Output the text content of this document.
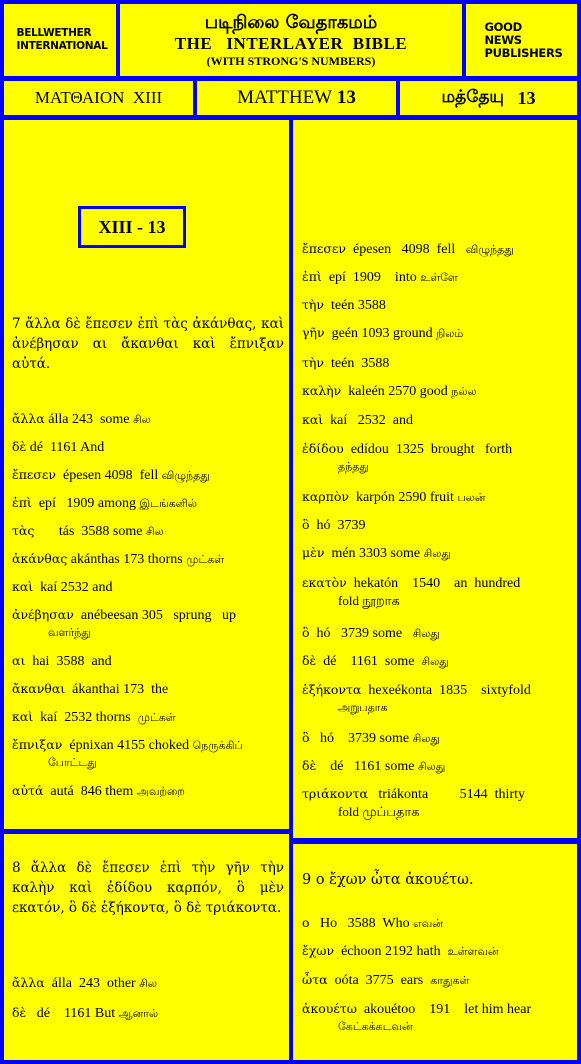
BELLWETHER
INTERNATIONAL
படிநிலை வேதாகமம்
THE   INTERLAYER  BIBLE
(WITH STRONG'S NUMBERS)
GOOD NEWS
PUBLISHERS
ΜΑΤΘΑΙΟΝ  XIII	MATTHEW
13	மத்தேயு
13
XIII - 13
7 ἄλλα δὲ ἔπεσεν ἐπὶ τὰς ἀκάνθας, καὶ ἀνέβησαν αι ἄκανθαι καὶ ἔπνιξαν αὐτά.
ἄλλα álla 243  some சில
δὲ dé  1161 And
ἔπεσεν  épesen 4098  fell விழுந்தது
ἐπὶ  epí   1909 among இடங்களில்
τὰς       tás  3588 some சில
ἀκάνθας akánthas 173 thorns முட்கள்
καὶ  kaí 2532 and
ἀνέβησαν  anébeesan 305   sprung   up
வளர்ந்து
αι  hai  3588  and
ἄκανθαι  ákanthai 173  the
καὶ  kaí  2532 thorns  முட்கள்
ἔπνιξαν  épnixan 4155 choked நெருக்கிப்
போட்டது
αὐτά  autá  846 them அவற்றை
ἔπεσεν  épesen   4098  fell   விழுந்தது
ἐπὶ  epí  1909    into உள்ளே
τὴν  teén 3588
γῆν  geén 1093 ground நிலம்
τὴν  teén  3588
καλὴν  kaleén 2570 good நல்ல
καὶ  kaí   2532  and
ἐδίδου  edídou  1325  brought   forth
தந்தது
καρπὸν  karpón 2590 fruit பலன்
ὃ  hó  3739
μὲν  mén 3303 some சிலது
εκατὸν  hekatón    1540    an  hundred
fold நூறாக
ὃ  hó   3739 some   சிலது
δὲ  dé    1161  some  சிலது
ἑξήκοντα  hexeékonta  1835    sixtyfold
அறுபதாக
ὃ   hó    3739 some சிலது
δὲ    dé   1161 some சிலது
τριάκοντα   triákonta         5144  thirty
fold முப்பதாக
8 ἄλλα δὲ ἔπεσεν ἐπὶ τὴν γῆν τὴν καλὴν καὶ ἐδίδου καρπόν, ὃ μὲν εκατόν, ὃ δὲ ἑξήκοντα, ὃ δὲ τριάκοντα.
ἄλλα  álla  243  other சில
δὲ   dé    1161 But ஆனால்
9 ο ἔχων ὦτα ἀκουέτω.
ο   Ho   3588  Who எவன்
ἔχων  échoon 2192 hath  உள்ளவன்
ὦτα  oóta  3775  ears  காதுகள்
ἀκουέτω  akouétoo    191    let him hear
கேட்கக்கடவன்
